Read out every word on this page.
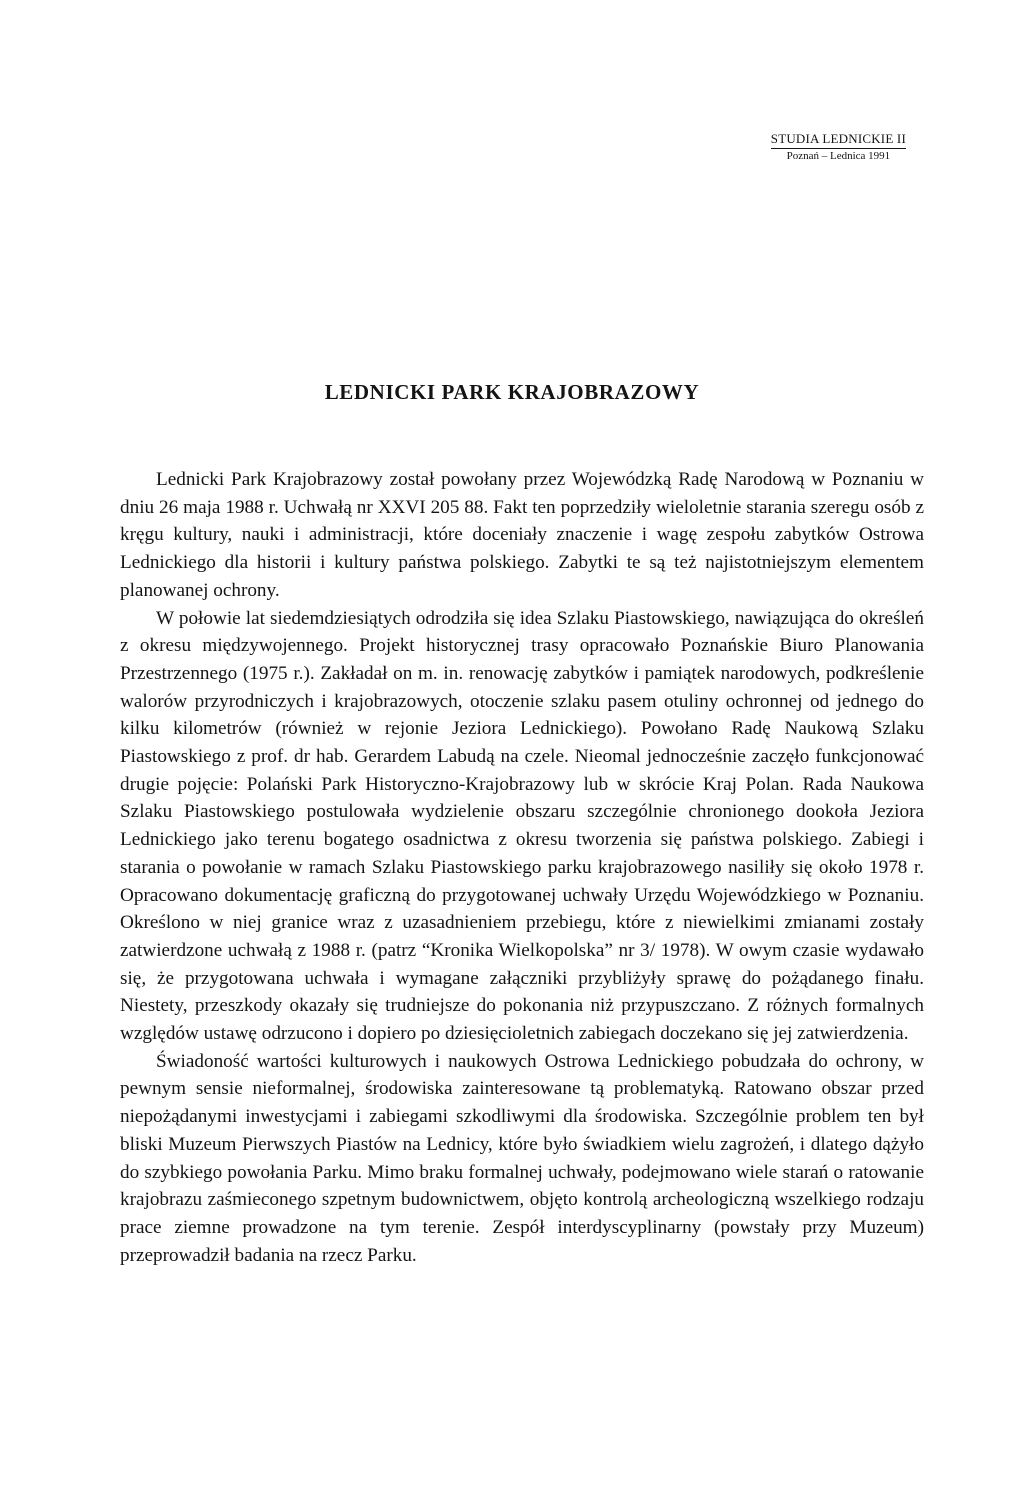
STUDIA LEDNICKIE II
Poznań – Lednica 1991
LEDNICKI PARK KRAJOBRAZOWY

Lednicki Park Krajobrazowy został powołany przez Wojewódzką Radę Narodową w Poznaniu w dniu 26 maja 1988 r. Uchwałą nr XXVI 205 88. Fakt ten poprzedziły wieloletnie starania szeregu osób z kręgu kultury, nauki i administracji, które doceniały znaczenie i wagę zespołu zabytków Ostrowa Lednickiego dla historii i kultury państwa polskiego. Zabytki te są też najistotniejszym elementem planowanej ochrony.

W połowie lat siedemdziesiątych odrodziła się idea Szlaku Piastowskiego, nawiązująca do określeń z okresu międzywojennego. Projekt historycznej trasy opracowało Poznańskie Biuro Planowania Przestrzennego (1975 r.). Zakładał on m. in. renowację zabytków i pamiątek narodowych, podkreślenie walorów przyrodniczych i krajobrazowych, otoczenie szlaku pasem otuliny ochronnej od jednego do kilku kilometrów (również w rejonie Jeziora Lednickiego). Powołano Radę Naukową Szlaku Piastowskiego z prof. dr hab. Gerardem Labudą na czele. Nieomal jednocześnie zaczęło funkcjonować drugie pojęcie: Polański Park Historyczno-Krajobrazowy lub w skrócie Kraj Polan. Rada Naukowa Szlaku Piastowskiego postulowała wydzielenie obszaru szczególnie chronionego dookoła Jeziora Lednickiego jako terenu bogatego osadnictwa z okresu tworzenia się państwa polskiego. Zabiegi i starania o powołanie w ramach Szlaku Piastowskiego parku krajobrazowego nasiliły się około 1978 r. Opracowano dokumentację graficzną do przygotowanej uchwały Urzędu Wojewódzkiego w Poznaniu. Określono w niej granice wraz z uzasadnieniem przebiegu, które z niewielkimi zmianami zostały zatwierdzone uchwałą z 1988 r. (patrz “Kronika Wielkopolska” nr 3/ 1978). W owym czasie wydawało się, że przygotowana uchwała i wymagane załączniki przybliżyły sprawę do pożądanego finału. Niestety, przeszkody okazały się trudniejsze do pokonania niż przypuszczano. Z różnych formalnych względów ustawę odrzucono i dopiero po dziesięcioletnich zabiegach doczekano się jej zatwierdzenia.

Świadoność wartości kulturowych i naukowych Ostrowa Lednickiego pobudzała do ochrony, w pewnym sensie nieformalnej, środowiska zainteresowane tą problematyką. Ratowano obszar przed niepożądanymi inwestycjami i zabiegami szkodliwymi dla środowiska. Szczególnie problem ten był bliski Muzeum Pierwszych Piastów na Lednicy, które było świadkiem wielu zagrożeń, i dlatego dążyło do szybkiego powołania Parku. Mimo braku formalnej uchwały, podejmowano wiele starań o ratowanie krajobrazu zaśmieconego szpetnym budownictwem, objęto kontrolą archeologiczną wszelkiego rodzaju prace ziemne prowadzone na tym terenie. Zespół interdyscyplinarny (powstały przy Muzeum) przeprowadził badania na rzecz Parku.
